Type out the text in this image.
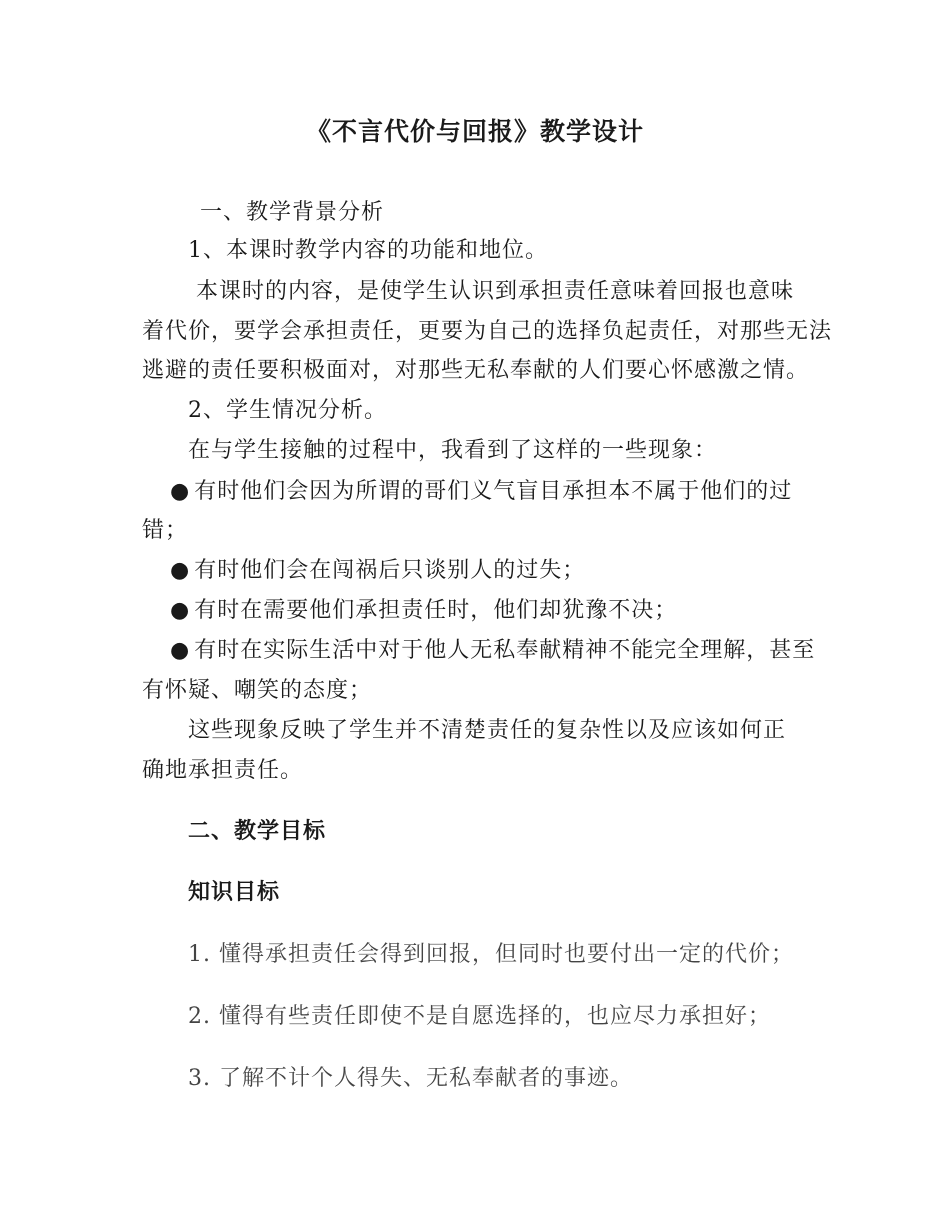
《不言代价与回报》教学设计
一、教学背景分析
1、本课时教学内容的功能和地位。
本课时的内容，是使学生认识到承担责任意味着回报也意味
着代价，要学会承担责任，更要为自己的选择负起责任，对那些无法
逃避的责任要积极面对，对那些无私奉献的人们要心怀感激之情。
2、学生情况分析。
在与学生接触的过程中，我看到了这样的一些现象：
● 有时他们会因为所谓的哥们义气盲目承担本不属于他们的过
错；
● 有时他们会在闯祸后只谈别人的过失；
● 有时在需要他们承担责任时，他们却犹豫不决；
● 有时在实际生活中对于他人无私奉献精神不能完全理解，甚至
有怀疑、嘲笑的态度；
这些现象反映了学生并不清楚责任的复杂性以及应该如何正
确地承担责任。
二、教学目标
知识目标
1. 懂得承担责任会得到回报，但同时也要付出一定的代价；
2. 懂得有些责任即使不是自愿选择的，也应尽力承担好；
3. 了解不计个人得失、无私奉献者的事迹。
